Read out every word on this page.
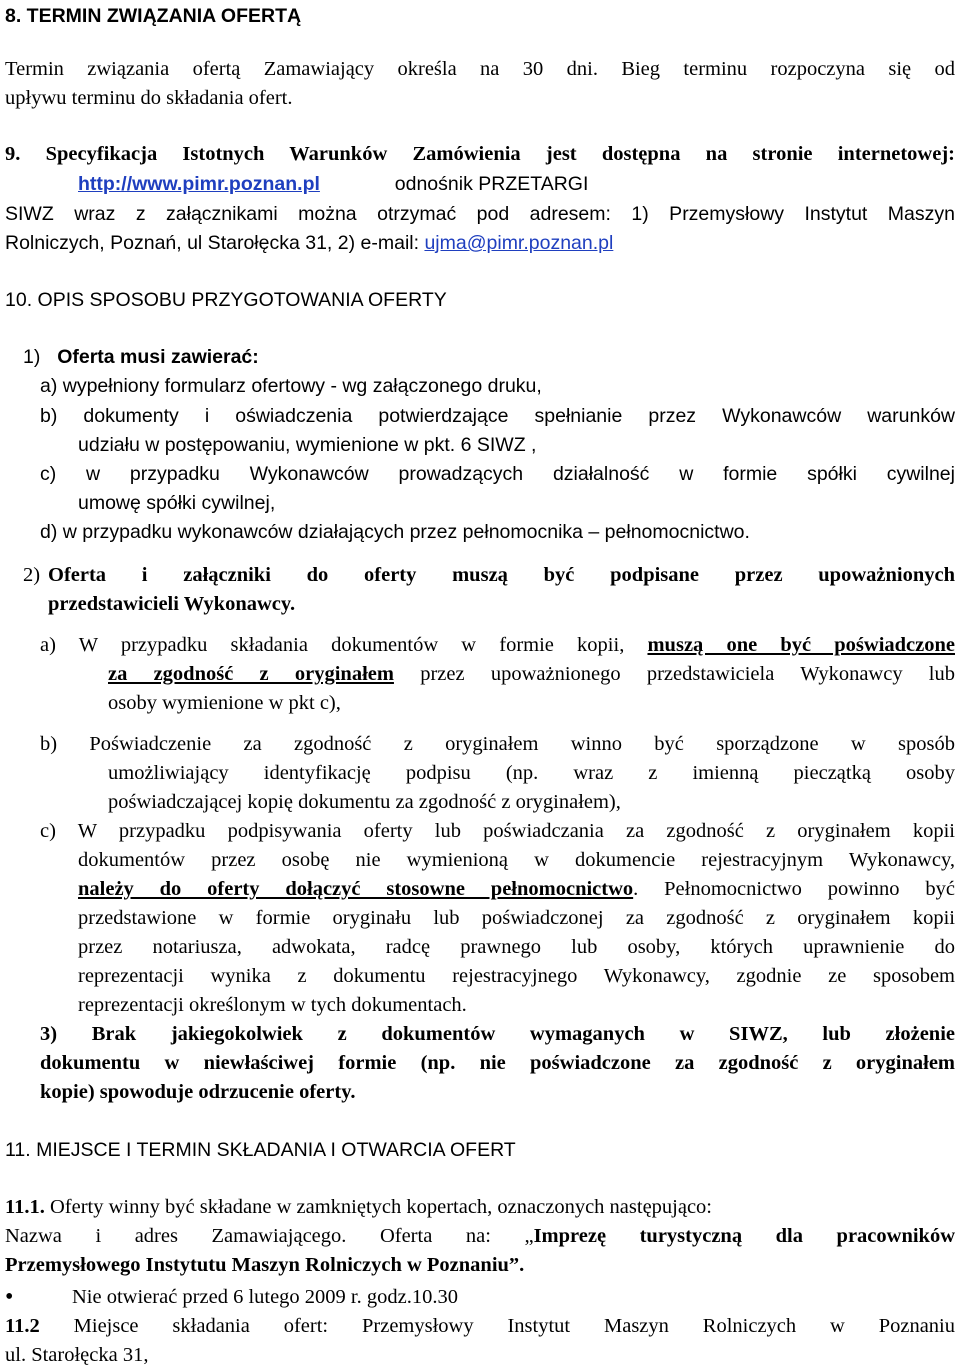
8. TERMIN ZWIĄZANIA OFERTĄ
Termin związania ofertą Zamawiający określa na 30 dni. Bieg terminu rozpoczyna się od
upływu terminu do składania ofert.
9. Specyfikacja Istotnych Warunków Zamówienia jest dostępna na stronie internetowej:
http://www.pimr.poznan.pl	odnośnik PRZETARGI
SIWZ wraz z załącznikami można otrzymać pod adresem: 1) Przemysłowy Instytut Maszyn
Rolniczych, Poznań, ul Starołęcka 31, 2) e-mail: ujma@pimr.poznan.pl
10. OPIS SPOSOBU PRZYGOTOWANIA OFERTY
1) Oferta musi zawierać:
a) wypełniony formularz ofertowy - wg załączonego druku,
b) dokumenty i oświadczenia potwierdzające spełnianie przez Wykonawców warunków
udziału w postępowaniu, wymienione w pkt. 6 SIWZ ,
c) w przypadku Wykonawców prowadzących działalność w formie spółki cywilnej
umowę spółki cywilnej,
d) w przypadku wykonawców działających przez pełnomocnika – pełnomocnictwo.
2) Oferta i załączniki do oferty muszą być podpisane przez upoważnionych
przedstawicieli Wykonawcy.
a) W przypadku składania dokumentów w formie kopii, muszą one być poświadczone
za zgodność z oryginałem przez upoważnionego przedstawiciela Wykonawcy lub
osoby wymienione w pkt c),
b) Poświadczenie za zgodność z oryginałem winno być sporządzone w sposób
umożliwiający identyfikację podpisu (np. wraz z imienną pieczątką osoby
poświadczającej kopię dokumentu za zgodność z oryginałem),
c) W przypadku podpisywania oferty lub poświadczania za zgodność z oryginałem kopii
dokumentów przez osobę nie wymienioną w dokumencie rejestracyjnym Wykonawcy,
należy do oferty dołączyć stosowne pełnomocnictwo. Pełnomocnictwo powinno być
przedstawione w formie oryginału lub poświadczonej za zgodność z oryginałem kopii
przez notariusza, adwokata, radcę prawnego lub osoby, których uprawnienie do
reprezentacji wynika z dokumentu rejestracyjnego Wykonawcy, zgodnie ze sposobem
reprezentacji określonym w tych dokumentach.
3) Brak jakiegokolwiek z dokumentów wymaganych w SIWZ, lub złożenie
dokumentu w niewłaściwej formie (np. nie poświadczone za zgodność z oryginałem
kopie) spowoduje odrzucenie oferty.
11. MIEJSCE I TERMIN SKŁADANIA I OTWARCIA OFERT
11.1. Oferty winny być składane w zamkniętych kopertach, oznaczonych następująco:
Nazwa i adres Zamawiającego. Oferta na: „Imprezę turystyczną dla pracowników
Przemysłowego Instytutu Maszyn Rolniczych w Poznaniu”.
•	Nie otwierać przed 6 lutego 2009 r. godz.10.30
11.2 Miejsce składania ofert: Przemysłowy Instytut Maszyn Rolniczych w Poznaniu
ul. Starołęcka 31,
